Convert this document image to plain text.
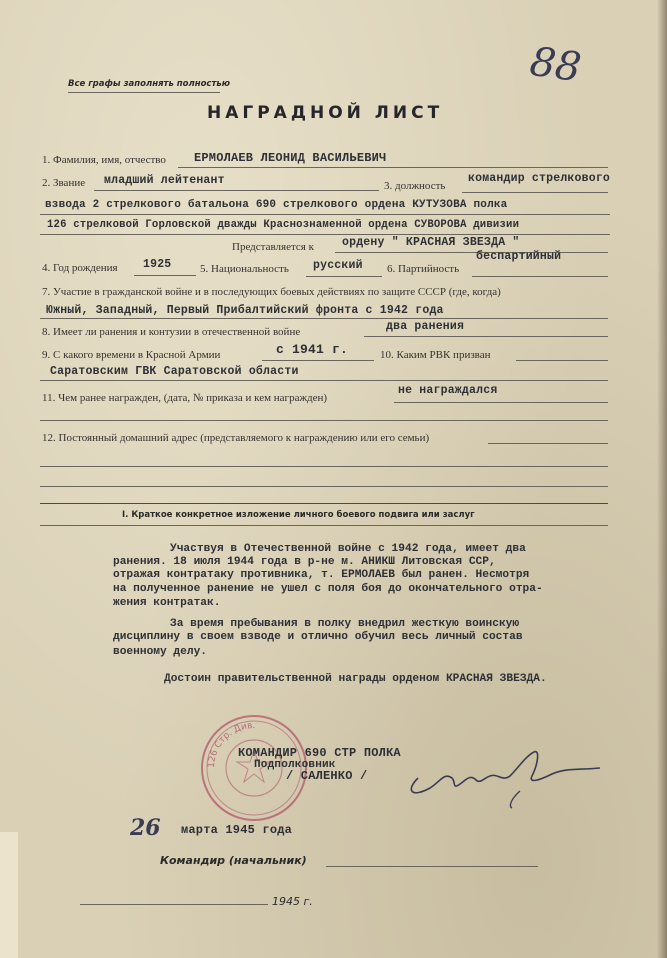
Все графы заполнять полностью	88
НАГРАДНОЙ ЛИСТ
1. Фамилия, имя, отчество ЕРМОЛАЕВ ЛЕОНИД ВАСИЛЬЕВИЧ
2. Звание младший лейтенант	3. должность
командир стрелкового
взвода 2 стрелкового батальона 690 стрелкового ордена КУТУЗОВА полка
126 стрелковой Горловской дважды Краснознаменной ордена СУВОРОВА дивизии
Представляется к ордену " КРАСНАЯ ЗВЕЗДА "
4. Год рождения 1925	5. Национальность русский 6. Партийность
беспартийный
7. Участие в гражданской войне и в последующих боевых действиях по защите СССР (где, когда)
Южный, Западный, Первый Прибалтийский фронта с 1942 года
8. Имеет ли ранения и контузии в отечественной войне	два ранения
9. С какого времени в Красной Армии	с 1941 г.	10. Каким РВК призван
Саратовским ГВК Саратовской области
11. Чем ранее награжден, (дата, № приказа и кем награжден)
не награждался
12. Постоянный домашний адрес (представляемого к награждению или его семьи)
I. Краткое конкретное изложение личного боевого подвига или заслуг
Участвуя в Отечественной войне с 1942 года, имеет два
ранения. 18 июля 1944 года в р-не м. АНИКШ Литовская ССР,
отражая контратаку противника, т. ЕРМОЛАЕВ был ранен. Несмотря
на полученное ранение не ушел с поля боя до окончательного отра-
жения контратак.
За время пребывания в полку внедрил жесткую воинскую
дисциплину в своем взводе и отлично обучил весь личный состав
военному делу.
Достоин правительственной награды орденом КРАСНАЯ ЗВЕЗДА.
126 Стр. Див.
КОМАНДИР 690 СТР ПОЛКА
Подполковник
/ САЛЕНКО /
26 марта 1945 года
Командир (начальник)
1945 г.
